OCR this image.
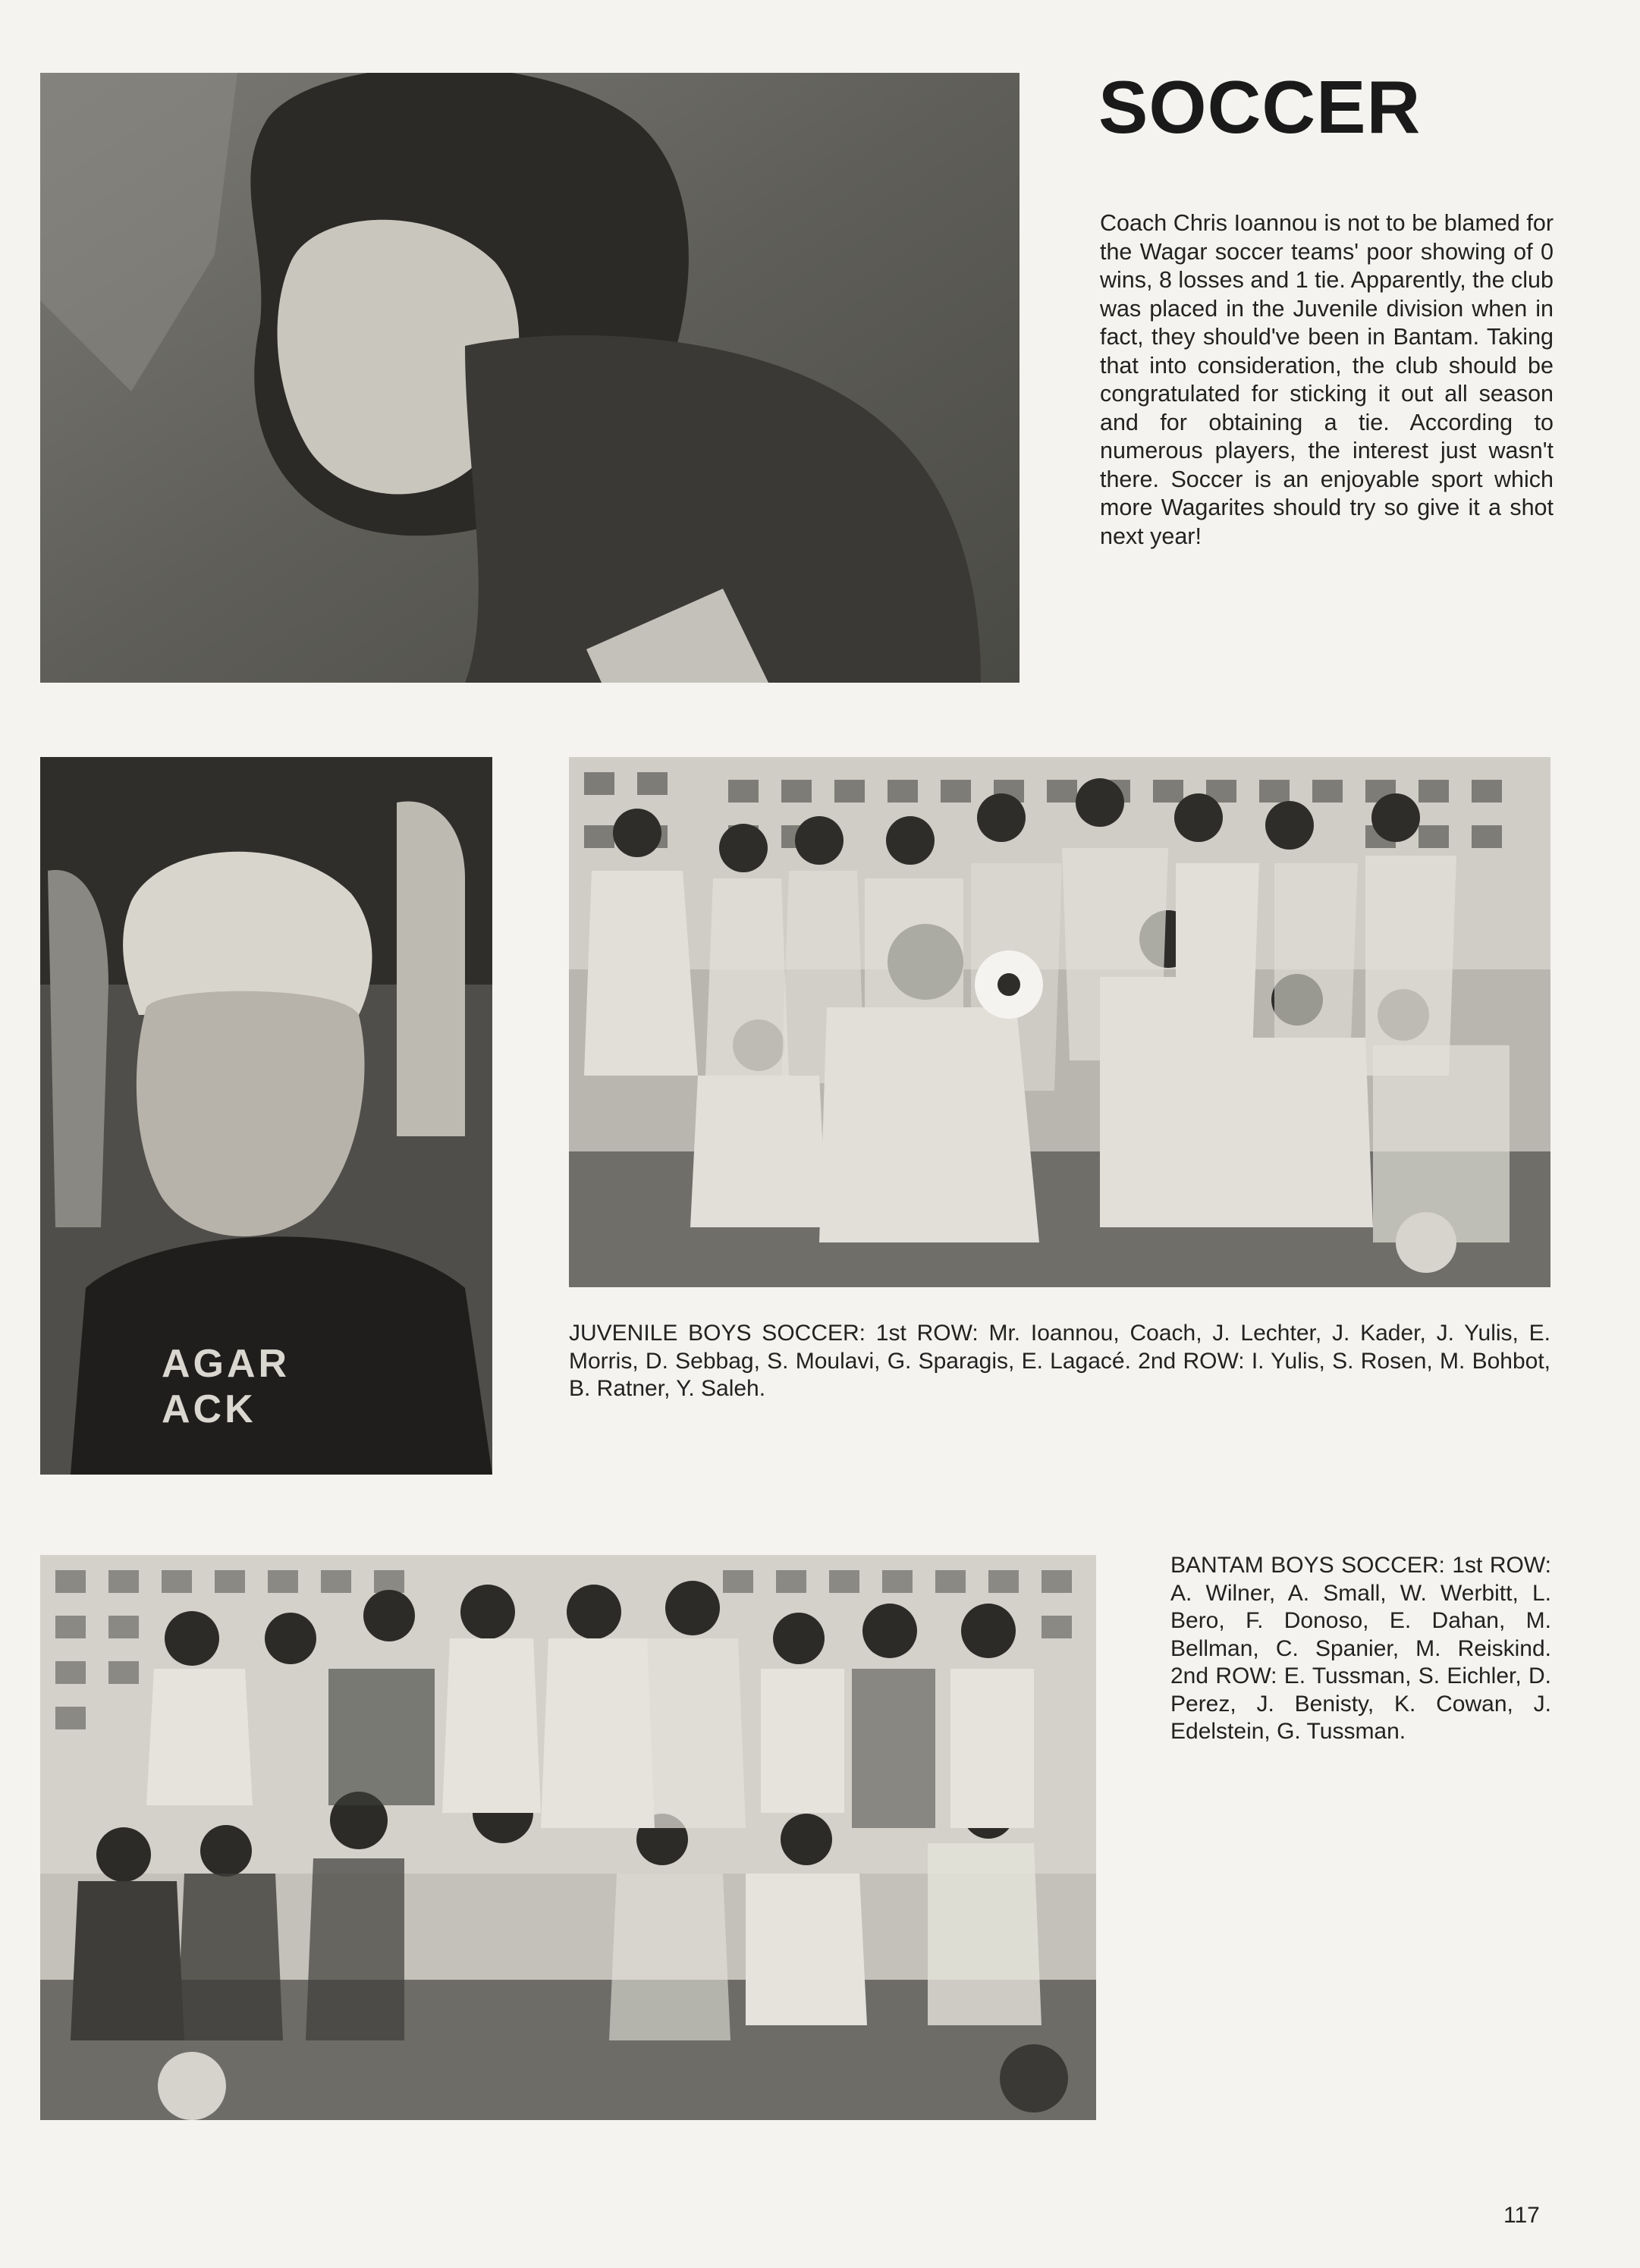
SOCCER
Coach Chris Ioannou is not to be blamed for the Wagar soccer teams' poor showing of 0 wins, 8 losses and 1 tie. Apparently, the club was placed in the Juvenile division when in fact, they should've been in Bantam. Taking that into consideration, the club should be congratulated for sticking it out all season and for obtaining a tie. According to numerous players, the interest just wasn't there. Soccer is an enjoyable sport which more Wagarites should try so give it a shot next year!
AGAR ACK
JUVENILE BOYS SOCCER: 1st ROW: Mr. Ioannou, Coach, J. Lechter, J. Kader, J. Yulis, E. Morris, D. Sebbag, S. Moulavi, G. Sparagis, E. Lagacé. 2nd ROW: I. Yulis, S. Rosen, M. Bohbot, B. Ratner, Y. Saleh.
BANTAM BOYS SOCCER: 1st ROW: A. Wilner, A. Small, W. Werbitt, L. Bero, F. Donoso, E. Dahan, M. Bellman, C. Spanier, M. Reiskind. 2nd ROW: E. Tussman, S. Eichler, D. Perez, J. Benisty, K. Cowan, J. Edelstein, G. Tussman.
117
